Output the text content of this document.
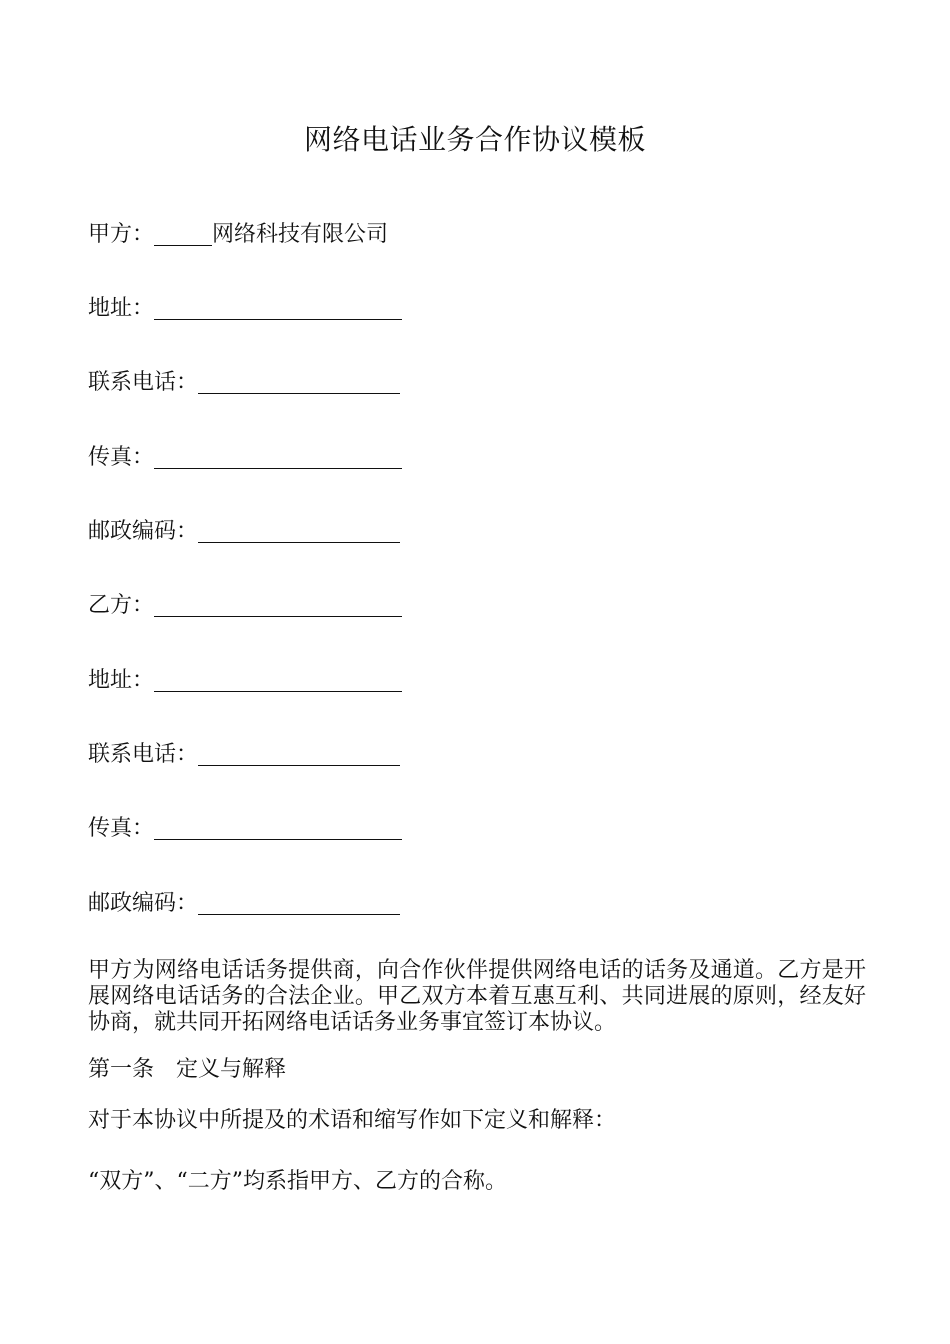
网络电话业务合作协议模板
甲方：	网络科技有限公司
地址：
联系电话：
传真：
邮政编码：
乙方：
地址：
联系电话：
传真：
邮政编码：

甲方为网络电话话务提供商，向合作伙伴提供网络电话的话务及通道。乙方是开展网络电话话务的合法企业。甲乙双方本着互惠互利、共同进展的原则，经友好协商，就共同开拓网络电话话务业务事宜签订本协议。

第一条　定义与解释
对于本协议中所提及的术语和缩写作如下定义和解释：
“双方”、“二方”均系指甲方、乙方的合称。
